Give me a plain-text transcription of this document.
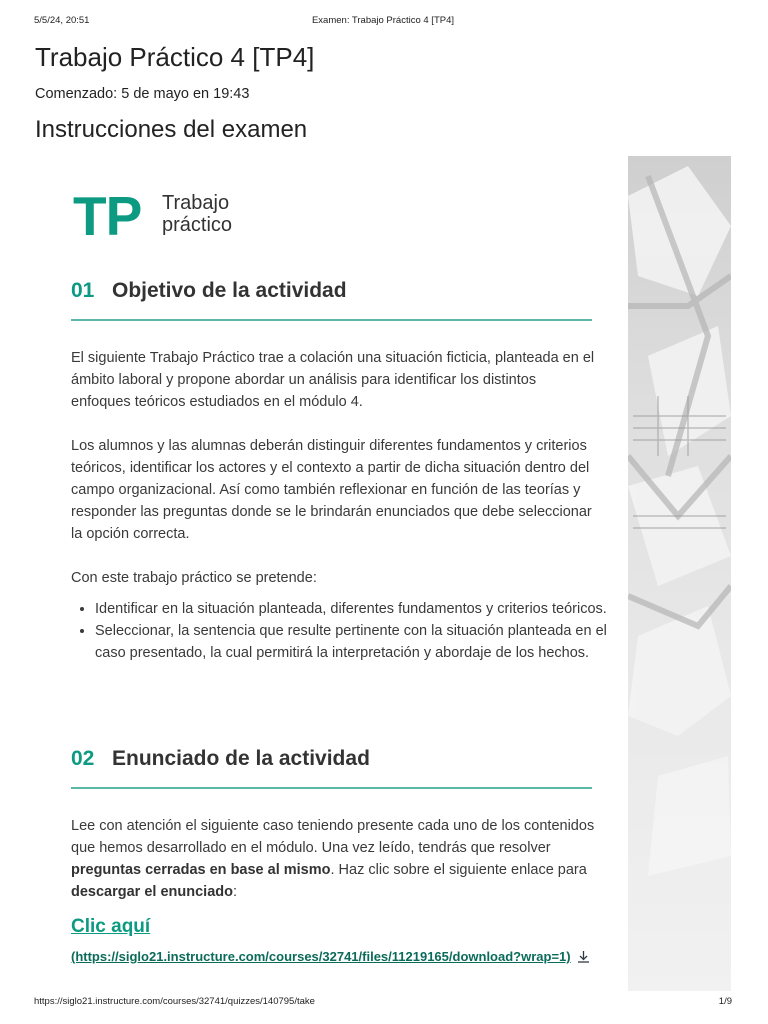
5/5/24, 20:51	Examen: Trabajo Práctico 4 [TP4]
Trabajo Práctico 4 [TP4]
Comenzado: 5 de mayo en 19:43
Instrucciones del examen
TP Trabajo
práctico
01 Objetivo de la actividad

El siguiente Trabajo Práctico trae a colación una situación ficticia, planteada en el ámbito laboral y propone abordar un análisis para identificar los distintos enfoques teóricos estudiados en el módulo 4.

Los alumnos y las alumnas deberán distinguir diferentes fundamentos y criterios teóricos, identificar los actores y el contexto a partir de dicha situación dentro del campo organizacional. Así como también reflexionar en función de las teorías y responder las preguntas donde se le brindarán enunciados que debe seleccionar la opción correcta.

Con este trabajo práctico se pretende:

• Identificar en la situación planteada, diferentes fundamentos y criterios teóricos.
• Seleccionar, la sentencia que resulte pertinente con la situación planteada en el caso presentado, la cual permitirá la interpretación y abordaje de los hechos.
02 Enunciado de la actividad

Lee con atención el siguiente caso teniendo presente cada uno de los contenidos que hemos desarrollado en el módulo. Una vez leído, tendrás que resolver preguntas cerradas en base al mismo. Haz clic sobre el siguiente enlace para descargar el enunciado:

Clic aquí
(https://siglo21.instructure.com/courses/32741/files/11219165/download?wrap=1)
https://siglo21.instructure.com/courses/32741/quizzes/140795/take	1/9
